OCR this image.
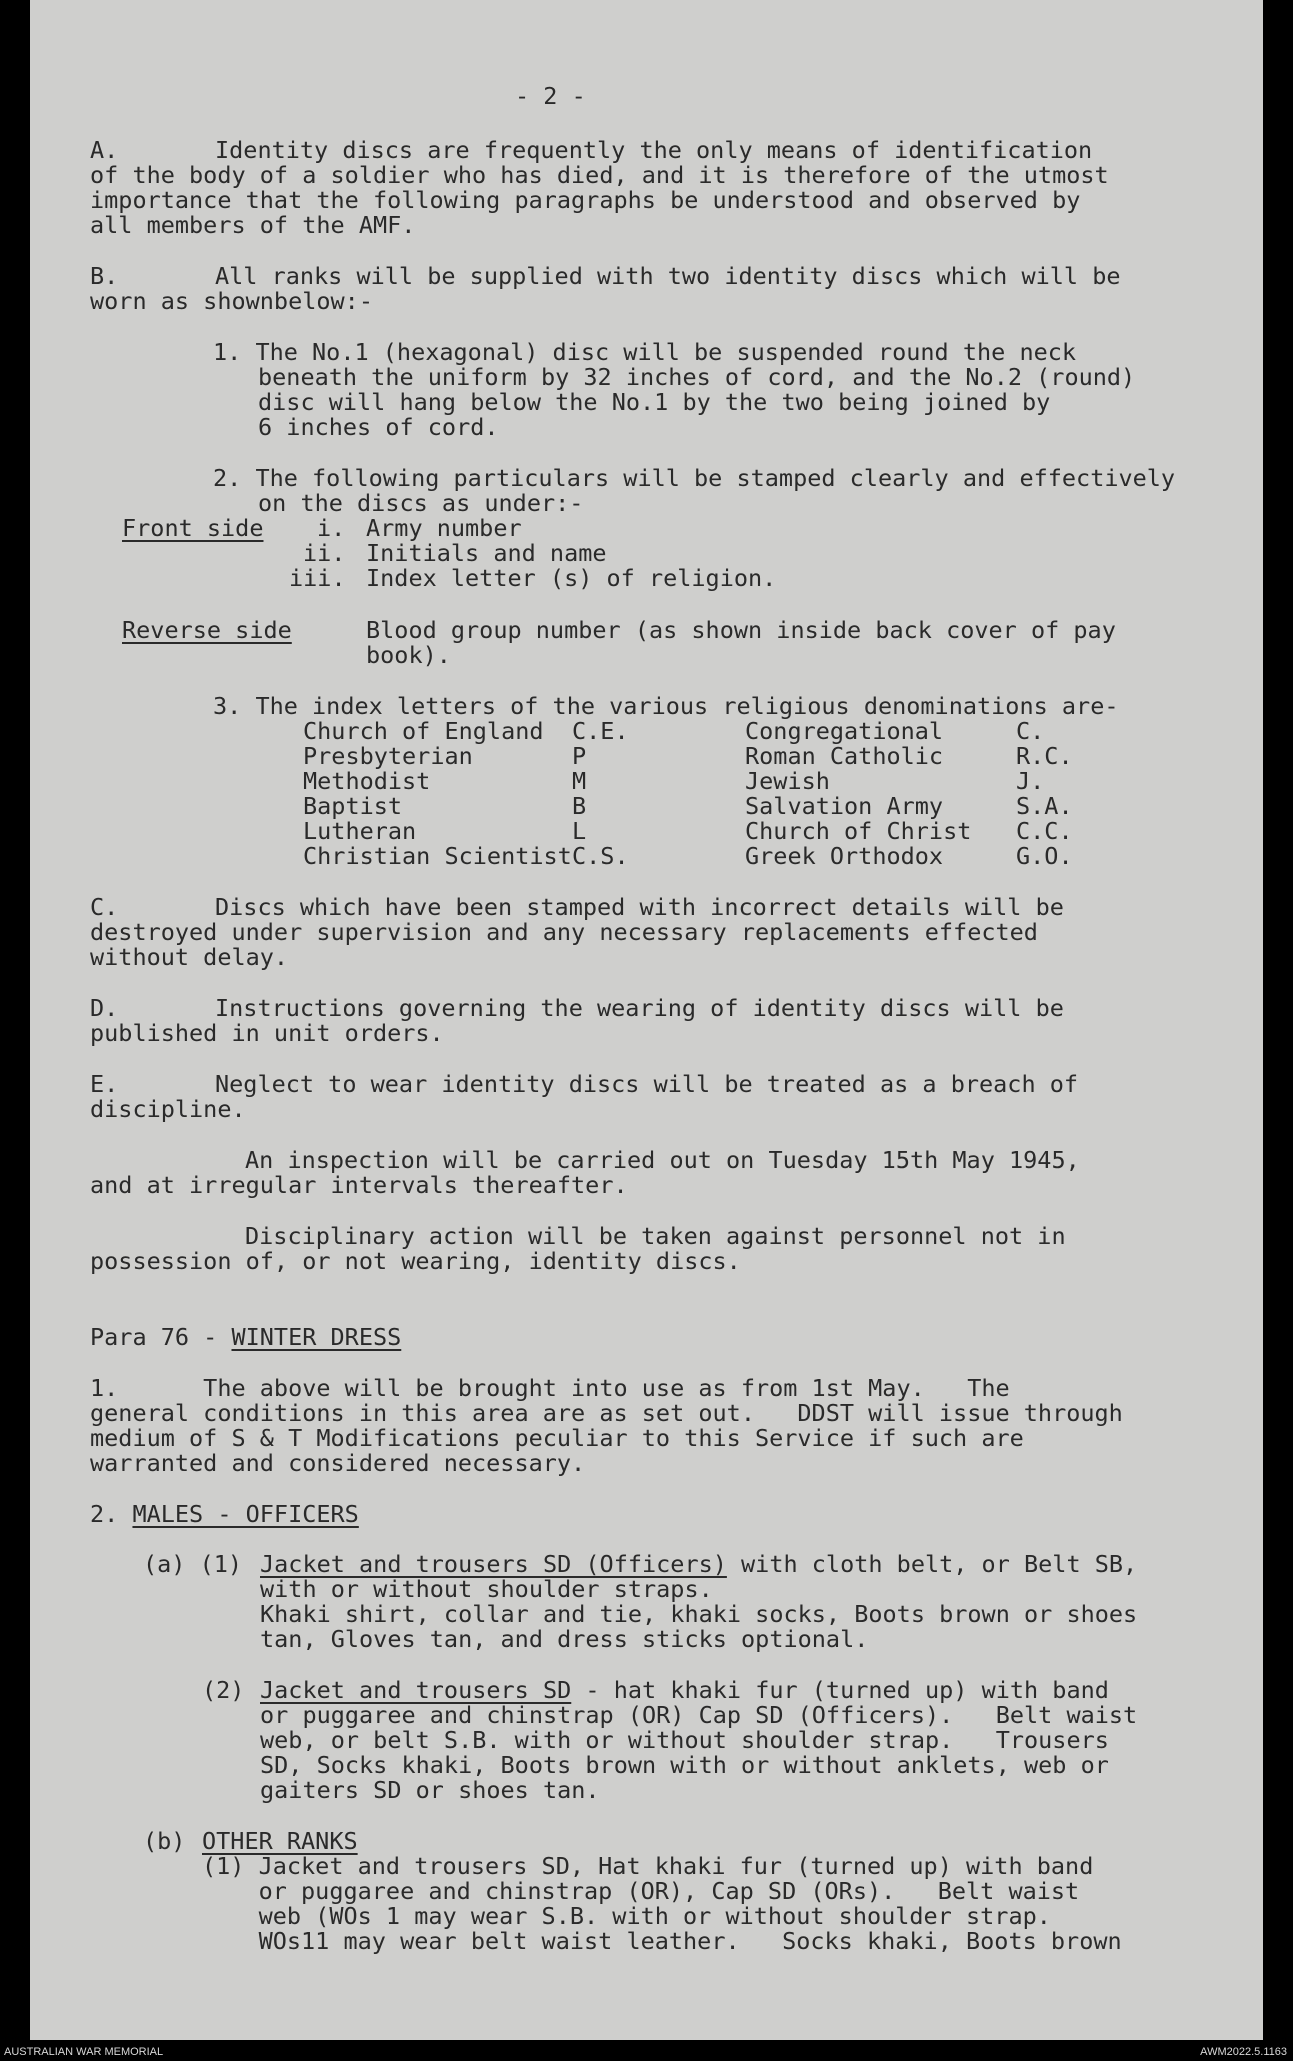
- 2 -
A.	Identity discs are frequently the only means of identification
of the body of a soldier who has died, and it is therefore of the utmost
importance that the following paragraphs be understood and observed by
all members of the AMF.
B.	All ranks will be supplied with two identity discs which will be
worn as shownbelow:-
1. The No.1 (hexagonal) disc will be suspended round the neck
beneath the uniform by 32 inches of cord, and the No.2 (round)
disc will hang below the No.1 by the two being joined by
6 inches of cord.
2. The following particulars will be stamped clearly and effectively
on the discs as under:-
Front side i. Army number
ii. Initials and name
iii. Index letter (s) of religion.
Reverse side	Blood group number (as shown inside back cover of pay
book).
3. The index letters of the various religious denominations are-
Church of England C.E.	Congregational	C.
Presbyterian	P	Roman Catholic	R.C.
Methodist	M	Jewish	J.
Baptist	B	Salvation Army	S.A.
Lutheran	L	Church of Christ C.C.
Christian Scientist C.S.	Greek Orthodox	G.O.
C.	Discs which have been stamped with incorrect details will be
destroyed under supervision and any necessary replacements effected
without delay.
D.	Instructions governing the wearing of identity discs will be
published in unit orders.
E.	Neglect to wear identity discs will be treated as a breach of
discipline.
An inspection will be carried out on Tuesday 15th May 1945,
and at irregular intervals thereafter.
Disciplinary action will be taken against personnel not in
possession of, or not wearing, identity discs.
Para 76 - WINTER DRESS
1.      The above will be brought into use as from 1st May.   The
general conditions in this area are as set out.   DDST will issue through
medium of S & T Modifications peculiar to this Service if such are
warranted and considered necessary.
2. MALES - OFFICERS
(a) (1) Jacket and trousers SD (Officers) with cloth belt, or Belt SB,
with or without shoulder straps.
Khaki shirt, collar and tie, khaki socks, Boots brown or shoes
tan, Gloves tan, and dress sticks optional.
(2) Jacket and trousers SD - hat khaki fur (turned up) with band
or puggaree and chinstrap (OR) Cap SD (Officers).   Belt waist
web, or belt S.B. with or without shoulder strap.   Trousers
SD, Socks khaki, Boots brown with or without anklets, web or
gaiters SD or shoes tan.
(b) OTHER RANKS
(1) Jacket and trousers SD, Hat khaki fur (turned up) with band
or puggaree and chinstrap (OR), Cap SD (ORs).   Belt waist
web (WOs 1 may wear S.B. with or without shoulder strap.
WOs11 may wear belt waist leather.   Socks khaki, Boots brown
AUSTRALIAN WAR MEMORIAL	AWM2022.5.1163
